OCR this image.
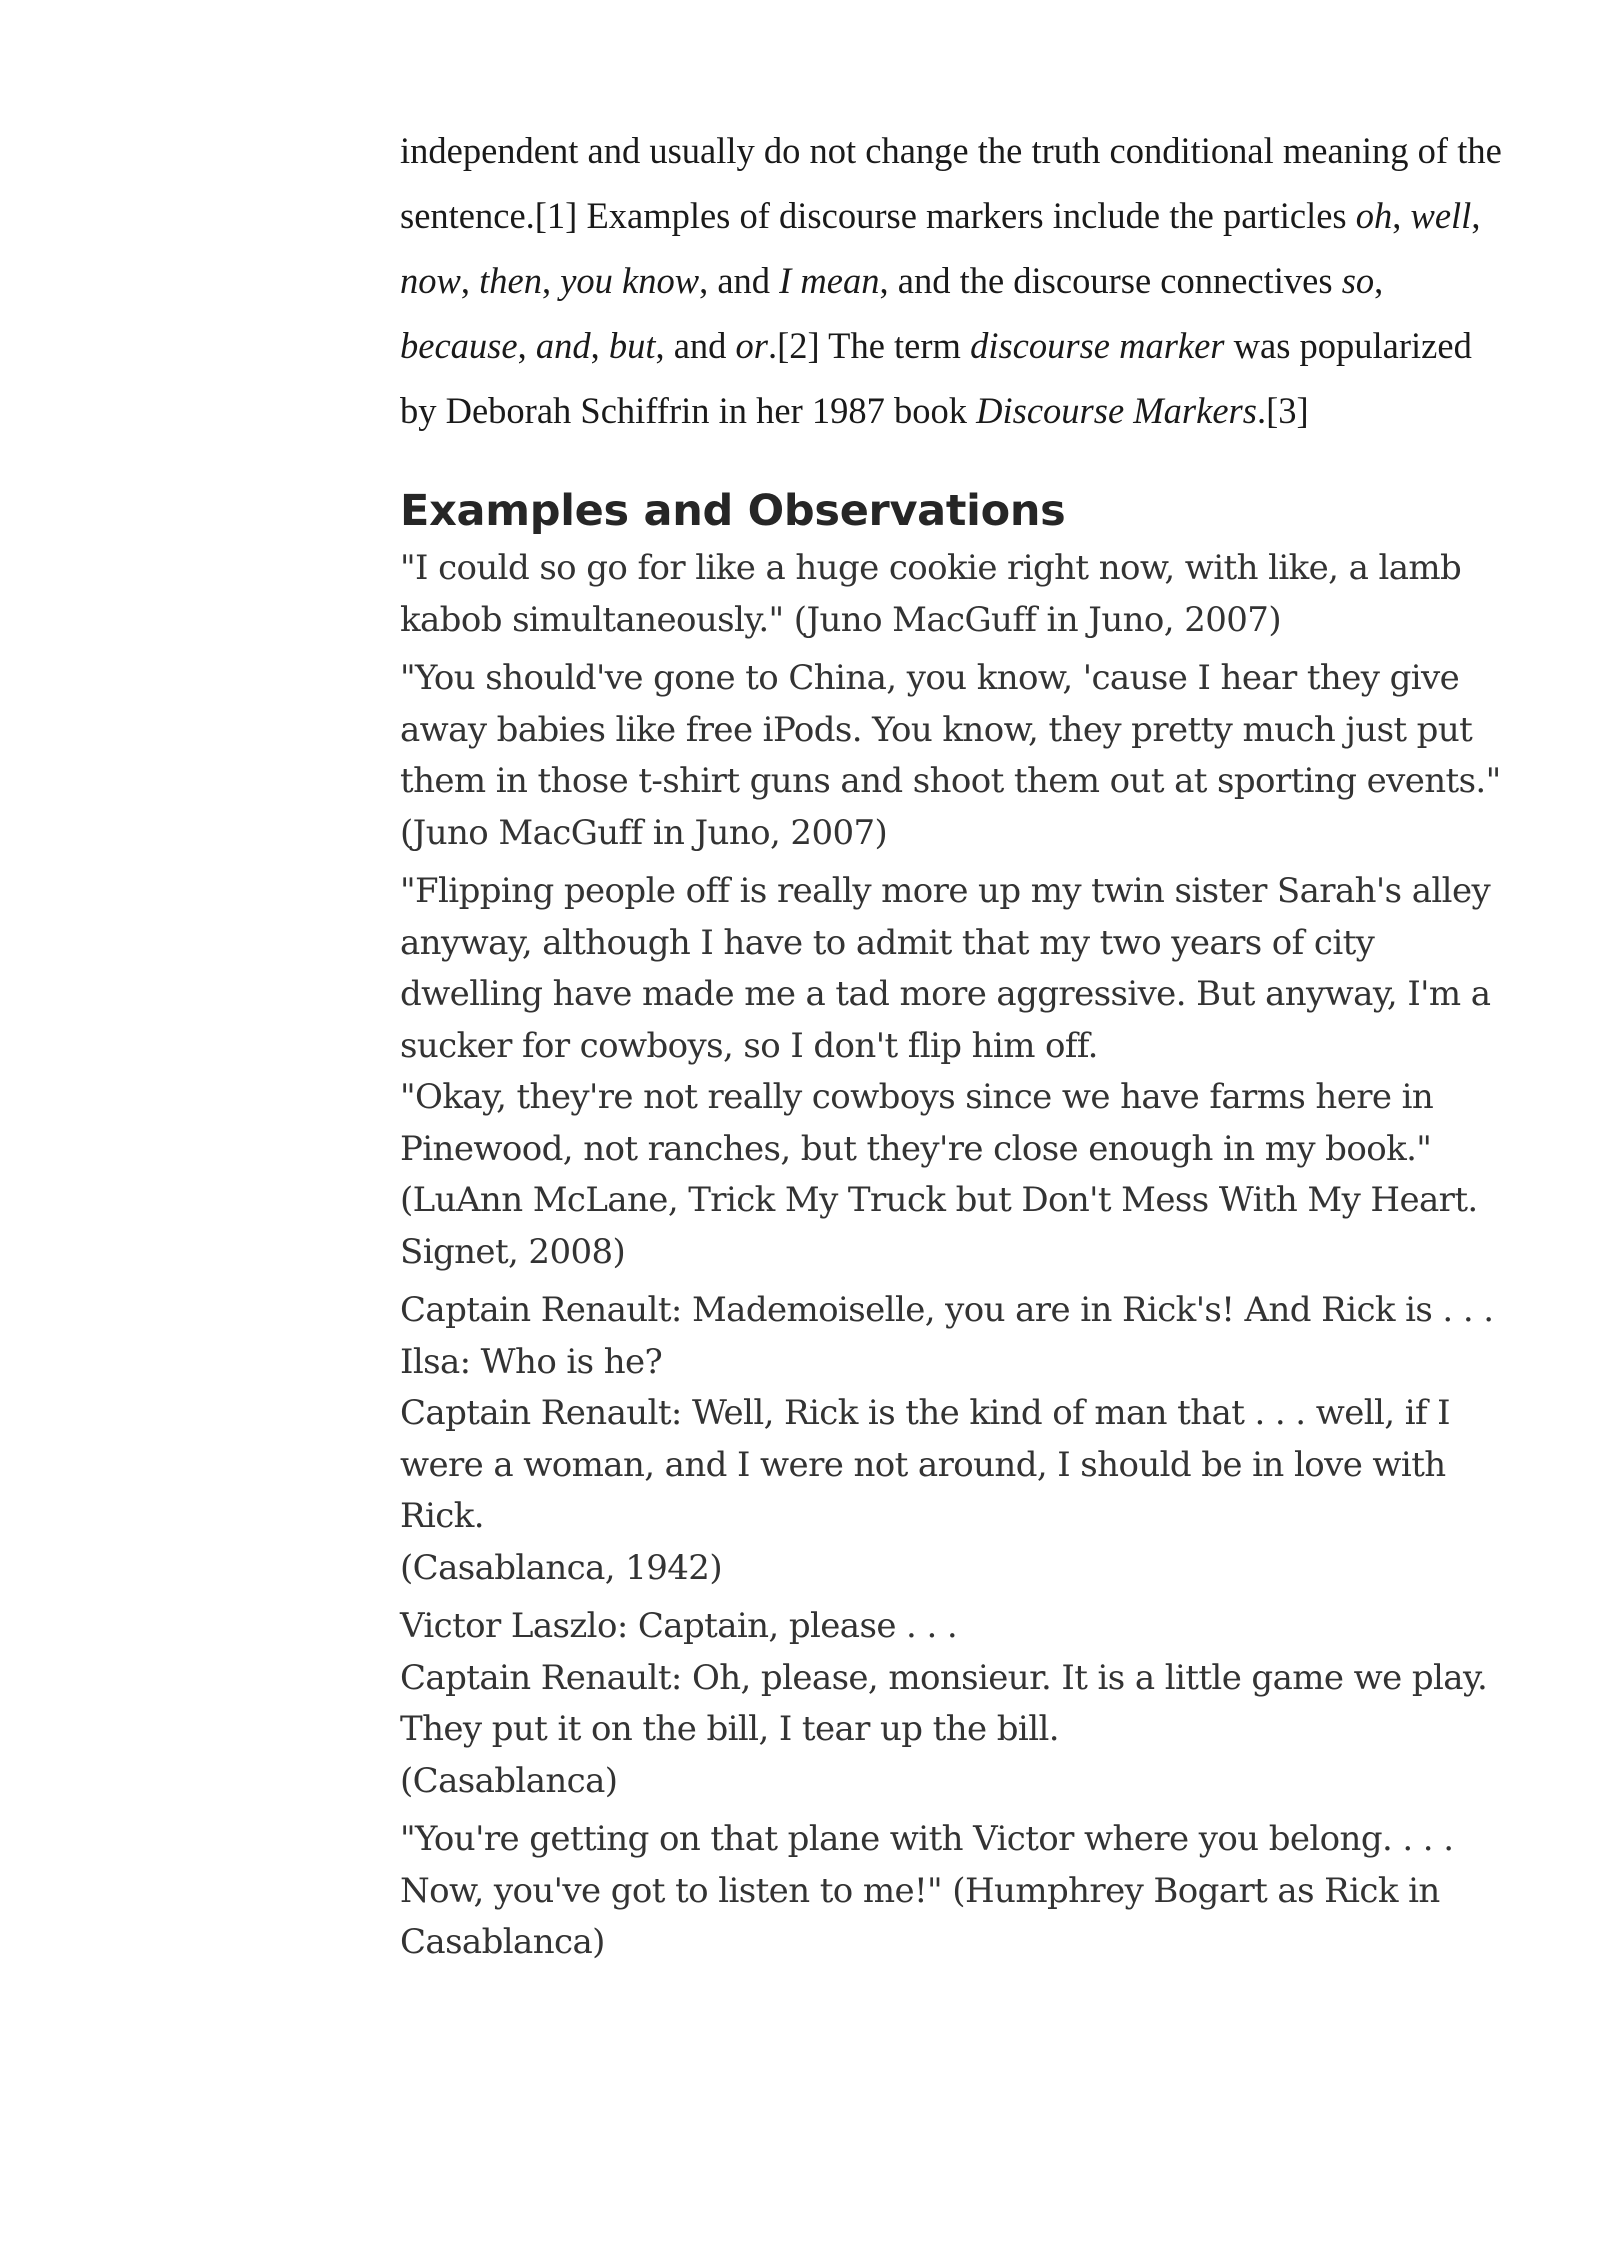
independent and usually do not change the truth conditional meaning of the sentence.[1] Examples of discourse markers include the particles oh, well, now, then, you know, and I mean, and the discourse connectives so, because, and, but, and or.[2] The term discourse marker was popularized by Deborah Schiffrin in her 1987 book Discourse Markers.[3]

Examples and Observations

"I could so go for like a huge cookie right now, with like, a lamb kabob simultaneously." (Juno MacGuff in Juno, 2007)

"You should've gone to China, you know, 'cause I hear they give away babies like free iPods. You know, they pretty much just put them in those t-shirt guns and shoot them out at sporting events." (Juno MacGuff in Juno, 2007)

"Flipping people off is really more up my twin sister Sarah's alley anyway, although I have to admit that my two years of city dwelling have made me a tad more aggressive. But anyway, I'm a sucker for cowboys, so I don't flip him off.
"Okay, they're not really cowboys since we have farms here in Pinewood, not ranches, but they're close enough in my book." (LuAnn McLane, Trick My Truck but Don't Mess With My Heart. Signet, 2008)

Captain Renault: Mademoiselle, you are in Rick's! And Rick is . . .
Ilsa: Who is he?
Captain Renault: Well, Rick is the kind of man that . . . well, if I were a woman, and I were not around, I should be in love with Rick.
(Casablanca, 1942)

Victor Laszlo: Captain, please . . .
Captain Renault: Oh, please, monsieur. It is a little game we play. They put it on the bill, I tear up the bill.
(Casablanca)

"You're getting on that plane with Victor where you belong. . . . Now, you've got to listen to me!" (Humphrey Bogart as Rick in Casablanca)
